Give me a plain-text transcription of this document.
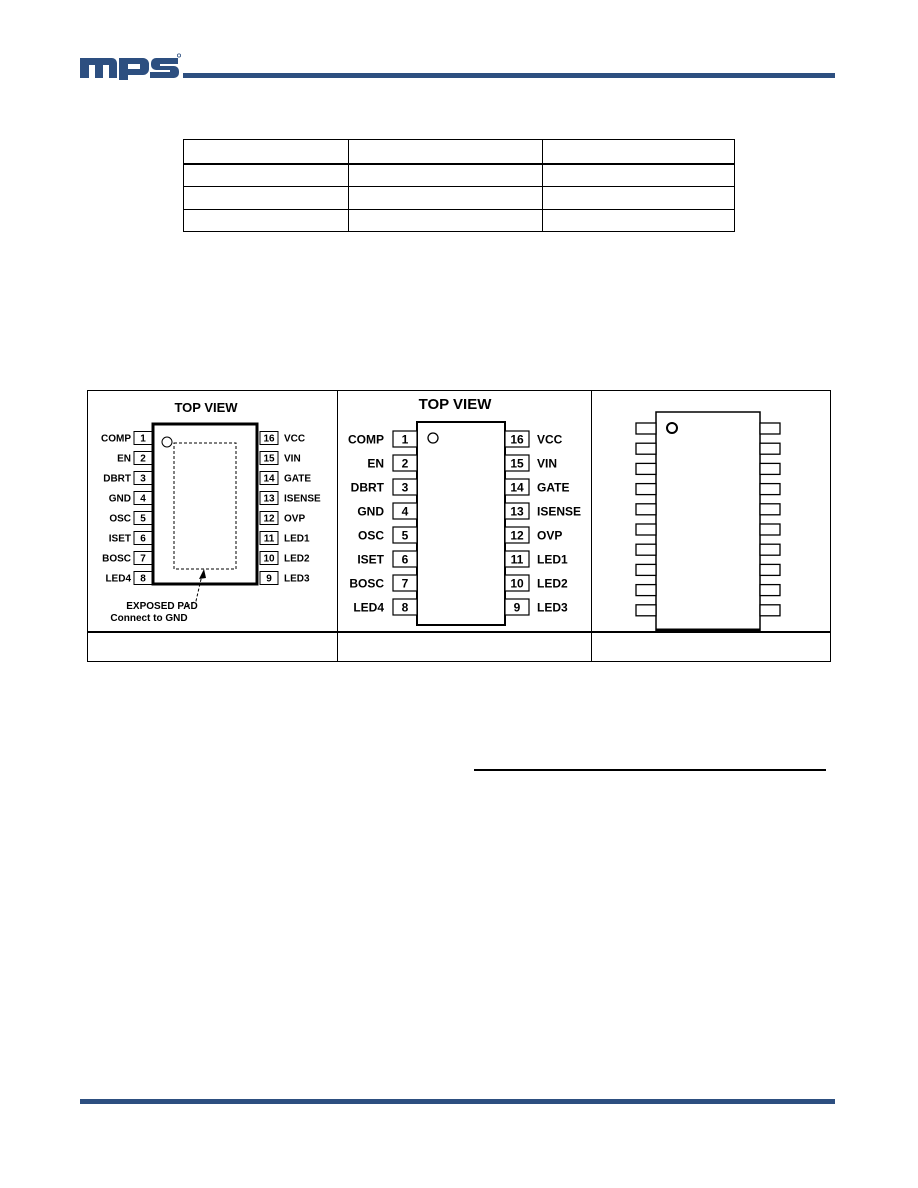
TOP VIEW
1
COMP
2
EN
3
DBRT
4
GND
5
OSC
6
ISET
7
BOSC
8
LED4
16 VCC
15 VIN
14 GATE
13 ISENSE
12 OVP
11 LED1
10 LED2
9 LED3
EXPOSED PAD
Connect to GND
TOP VIEW
1
COMP
2
EN
3
DBRT
4
GND
5
OSC
6
ISET
7
BOSC
8
LED4
16 VCC
15 VIN
14 GATE
13 ISENSE
12 OVP
11 LED1
10 LED2
9 LED3
